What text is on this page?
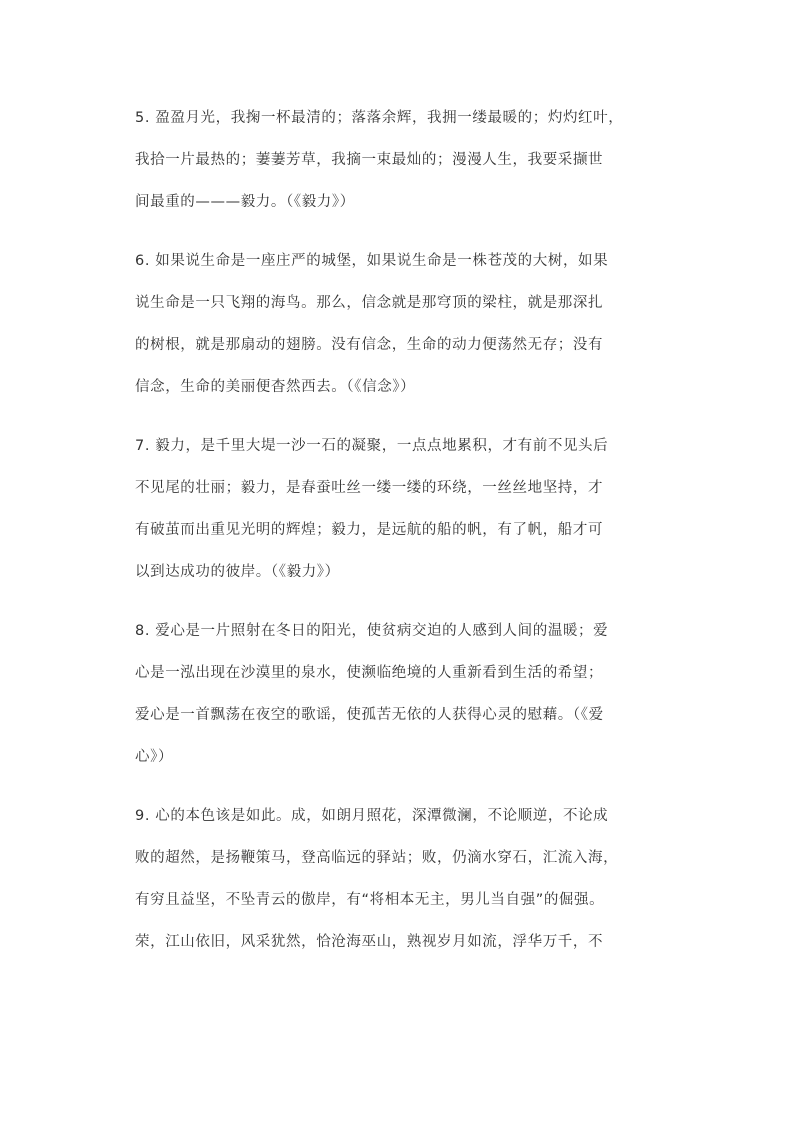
5. 盈盈月光，我掬一杯最清的；落落余辉，我拥一缕最暖的；灼灼红叶，
我拾一片最热的；萋萋芳草，我摘一束最灿的；漫漫人生，我要采撷世
间最重的———毅力。（《毅力》）
6. 如果说生命是一座庄严的城堡，如果说生命是一株苍茂的大树，如果
说生命是一只飞翔的海鸟。那么，信念就是那穹顶的梁柱，就是那深扎
的树根，就是那扇动的翅膀。没有信念，生命的动力便荡然无存；没有
信念，生命的美丽便杳然西去。（《信念》）
7. 毅力，是千里大堤一沙一石的凝聚，一点点地累积，才有前不见头后
不见尾的壮丽；毅力，是春蚕吐丝一缕一缕的环绕，一丝丝地坚持，才
有破茧而出重见光明的辉煌；毅力，是远航的船的帆，有了帆，船才可
以到达成功的彼岸。（《毅力》）
8. 爱心是一片照射在冬日的阳光，使贫病交迫的人感到人间的温暖；爱
心是一泓出现在沙漠里的泉水，使濒临绝境的人重新看到生活的希望；
爱心是一首飘荡在夜空的歌谣，使孤苦无依的人获得心灵的慰藉。（《爱
心》）
9. 心的本色该是如此。成，如朗月照花，深潭微澜，不论顺逆，不论成
败的超然，是扬鞭策马，登高临远的驿站；败，仍滴水穿石，汇流入海，
有穷且益坚，不坠青云的傲岸，有“将相本无主，男儿当自强”的倔强。
荣，江山依旧，风采犹然，恰沧海巫山，熟视岁月如流，浮华万千，不
